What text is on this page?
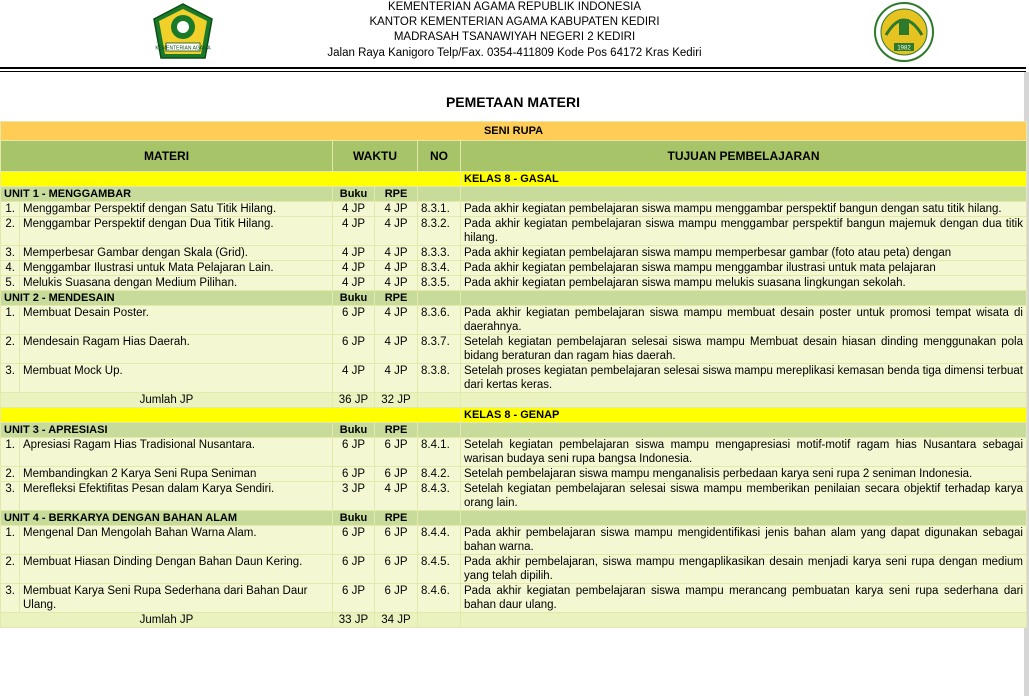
KEMENTERIAN AGAMA
KEMENTERIAN AGAMA REPUBLIK INDONESIA
KANTOR KEMENTERIAN AGAMA KABUPATEN KEDIRI
MADRASAH TSANAWIYAH NEGERI 2 KEDIRI
Jalan Raya Kanigoro Telp/Fax. 0354-411809 Kode Pos 64172 Kras Kediri	1982
PEMETAAN MATERI
SENI RUPA					
MATERI		WAKTU		NO	TUJUAN PEMBELAJARAN
					KELAS 8 - GASAL
UNIT 1 - MENGGAMBAR		Buku	RPE		
1.	Menggambar Perspektif dengan Satu Titik Hilang.	4 JP	4 JP	8.3.1.	Pada akhir kegiatan pembelajaran siswa mampu menggambar perspektif bangun dengan satu titik hilang.
2.	Menggambar Perspektif dengan Dua Titik Hilang.	4 JP	4 JP	8.3.2.	Pada akhir kegiatan pembelajaran siswa mampu menggambar perspektif bangun majemuk dengan dua titik hilang.
3.	Memperbesar Gambar dengan Skala (Grid).	4 JP	4 JP	8.3.3.	Pada akhir kegiatan pembelajaran siswa mampu memperbesar gambar (foto atau peta) dengan
4.	Menggambar Ilustrasi untuk Mata Pelajaran Lain.	4 JP	4 JP	8.3.4.	Pada akhir kegiatan pembelajaran siswa mampu menggambar ilustrasi untuk mata pelajaran
5.	Melukis Suasana dengan Medium Pilihan.	4 JP	4 JP	8.3.5.	Pada akhir kegiatan pembelajaran siswa mampu melukis suasana lingkungan sekolah.
UNIT 2 - MENDESAIN		Buku	RPE		
1.	Membuat Desain Poster.	6 JP	4 JP	8.3.6.	Pada akhir kegiatan pembelajaran siswa mampu membuat desain poster untuk promosi tempat wisata di daerahnya.
2.	Mendesain Ragam Hias Daerah.	6 JP	4 JP	8.3.7.	Setelah kegiatan pembelajaran selesai siswa mampu Membuat desain hiasan dinding menggunakan pola bidang beraturan dan ragam hias daerah.
3.	Membuat Mock Up.	4 JP	4 JP	8.3.8.	Setelah proses kegiatan pembelajaran selesai siswa mampu mereplikasi kemasan benda tiga dimensi terbuat dari kertas keras.
Jumlah JP		36 JP	32 JP		
					KELAS 8 - GENAP
UNIT 3 - APRESIASI		Buku	RPE		
1.	Apresiasi Ragam Hias Tradisional Nusantara.	6 JP	6 JP	8.4.1.	Setelah kegiatan pembelajaran siswa mampu mengapresiasi motif-motif ragam hias Nusantara sebagai warisan budaya seni rupa bangsa Indonesia.
2.	Membandingkan 2 Karya Seni Rupa Seniman	6 JP	6 JP	8.4.2.	Setelah pembelajaran siswa mampu menganalisis perbedaan karya seni rupa 2 seniman Indonesia.
3.	Merefleksi Efektifitas Pesan dalam Karya Sendiri.	3 JP	4 JP	8.4.3.	Setelah kegiatan pembelajaran selesai siswa mampu memberikan penilaian secara objektif terhadap karya orang lain.
UNIT 4 - BERKARYA DENGAN BAHAN ALAM		Buku	RPE		
1.	Mengenal Dan Mengolah Bahan Warna Alam.	6 JP	6 JP	8.4.4.	Pada akhir pembelajaran siswa mampu mengidentifikasi jenis bahan alam yang dapat digunakan sebagai bahan warna.
2.	Membuat Hiasan Dinding Dengan Bahan Daun Kering.	6 JP	6 JP	8.4.5.	Pada akhir pembelajaran, siswa mampu mengaplikasikan desain menjadi karya seni rupa dengan medium yang telah dipilih.
3.	Membuat Karya Seni Rupa Sederhana dari Bahan Daur Ulang.	6 JP	6 JP	8.4.6.	Pada akhir kegiatan pembelajaran siswa mampu merancang pembuatan karya seni rupa sederhana dari bahan daur ulang.
Jumlah JP		33 JP	34 JP		
